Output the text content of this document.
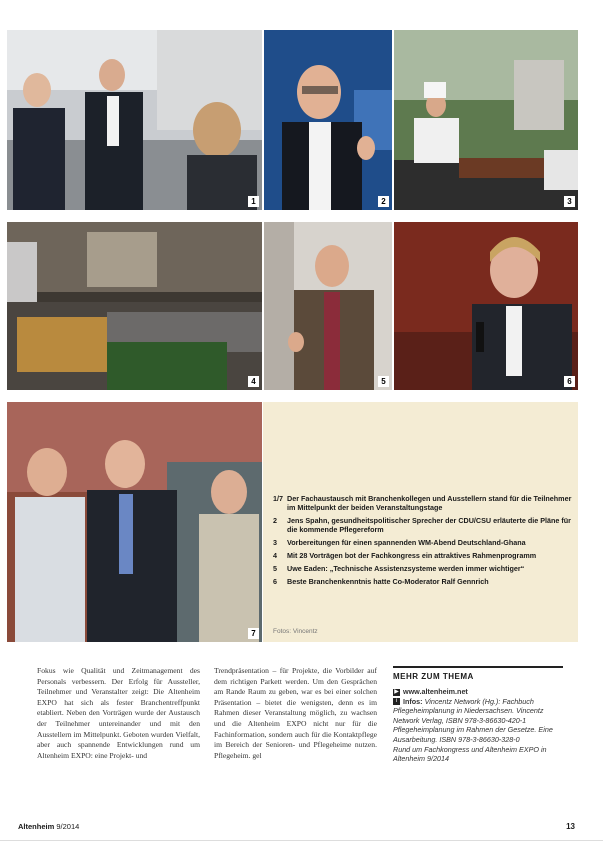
1	2	3
4	5	6
7
1/7 Der Fachaustausch mit Branchenkollegen und Ausstellern stand für die Teilnehmer im Mittelpunkt der beiden Veranstaltungstage
2	Jens Spahn, gesundheitspolitischer Sprecher der CDU/CSU erläuterte die Pläne für die kommende Pflegereform
3	Vorbereitungen für einen spannenden WM-Abend Deutschland-Ghana
4	Mit 28 Vorträgen bot der Fachkongress ein attraktives Rahmenprogramm
5	Uwe Eaden: „Technische Assistenzsysteme werden immer wichtiger“
6	Beste Branchenkenntnis hatte Co-Moderator Ralf Gennrich
Fotos: Vincentz

Fokus wie Qualität und Zeitmanagement des Personals verbessern. Der Erfolg für Aussteller, Teilnehmer und Veranstalter zeigt: Die Altenheim EXPO hat sich als fester Branchentreffpunkt etabliert. Neben den Vorträgen wurde der Austausch der Teilnehmer untereinander und mit den Ausstellern im Mittelpunkt. Geboten wurden Vielfalt, aber auch spannende Entwicklungen rund um Altenheim EXPO: eine Projekt- und

Trendpräsentation – für Projekte, die Vorbilder auf dem richtigen Parkett werden. Um den Gesprächen am Rande Raum zu geben, war es bei einer solchen Präsentation – bietet die wenigsten, denn es im Rahmen dieser Veranstaltung möglich, zu wachsen und die Altenheim EXPO nicht nur für die Fachinformation, sondern auch für die Kontaktpflege im Bereich der Senioren- und Pflegeheime nutzen. Pflegeheim. gel

MEHR ZUM THEMA
▶ www.altenheim.net
i Infos: Vincentz Network (Hg.): Fachbuch Pflegeheimplanung in Niedersachsen. Vincentz Network Verlag, ISBN 978-3-86630-420-1
Pflegeheimplanung im Rahmen der Gesetze. Eine Ausarbeitung. ISBN 978-3-86630-328-0
Rund um Fachkongress und Altenheim EXPO in Altenheim 9/2014
Altenheim 9/2014	13
